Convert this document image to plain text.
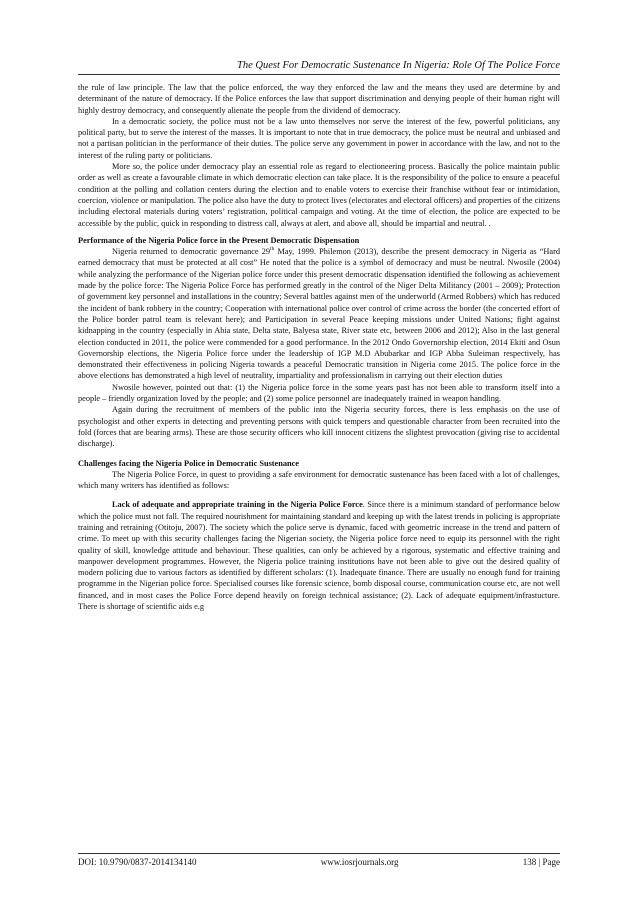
The Quest For Democratic Sustenance In Nigeria: Role Of The Police Force

the rule of law principle. The law that the police enforced, the way they enforced the law and the means they used are determine by and determinant of the nature of democracy. If the Police enforces the law that support discrimination and denying people of their human right will highly destroy democracy, and consequently alienate the people from the dividend of democracy.

In a democratic society, the police must not be a law unto themselves nor serve the interest of the few, powerful politicians, any political party, but to serve the interest of the masses. It is important to note that in true democracy, the police must be neutral and unbiased and not a partisan politician in the performance of their duties. The police serve any government in power in accordance with the law, and not to the interest of the ruling party or politicians.

More so, the police under democracy play an essential role as regard to electioneering process. Basically the police maintain public order as well as create a favourable climate in which democratic election can take place. It is the responsibility of the police to ensure a peaceful condition at the polling and collation centers during the election and to enable voters to exercise their franchise without fear or intimidation, coercion, violence or manipulation. The police also have the duty to protect lives (electorates and electoral officers) and properties of the citizens including electoral materials during voters’ registration, political campaign and voting. At the time of election, the police are expected to be accessible by the public, quick in responding to distress call, always at alert, and above all, should be impartial and neutral. .

Performance of the Nigeria Police force in the Present Democratic Dispensation

Nigeria returned to democratic governance 29th May, 1999. Philemon (2013), describe the present democracy in Nigeria as “Hard earned democracy that must be protected at all cost” He noted that the police is a symbol of democracy and must be neutral. Nwosile (2004) while analyzing the performance of the Nigerian police force under this present democratic dispensation identified the following as achievement made by the police force: The Nigeria Police Force has performed greatly in the control of the Niger Delta Militancy (2001 – 2009); Protection of government key personnel and installations in the country; Several battles against men of the underworld (Armed Robbers) which has reduced the incident of bank robbery in the country; Cooperation with international police over control of crime across the border (the concerted effort of the Police border patrol team is relevant here); and Participation in several Peace keeping missions under United Nations; fight against kidnapping in the country (especially in Abia state, Delta state, Balyesa state, River state etc, between 2006 and 2012); Also in the last general election conducted in 2011, the police were commended for a good performance. In the 2012 Ondo Governorship election, 2014 Ekiti and Osun Governorship elections, the Nigeria Police force under the leadership of IGP M.D Abubarkar and IGP Abba Suleiman respectively, has demonstrated their effectiveness in policing Nigeria towards a peaceful Democratic transition in Nigeria come 2015. The police force in the above elections has demonstrated a high level of neutrality, impartiality and professionalism in carrying out their election duties

Nwosile however, pointed out that: (1) the Nigeria police force in the some years past has not been able to transform itself into a people – friendly organization loved by the people; and (2) some police personnel are inadequately trained in weapon handling.

Again during the recruitment of members of the public into the Nigeria security forces, there is less emphasis on the use of psychologist and other experts in detecting and preventing persons with quick tempers and questionable character from been recruited into the fold (forces that are bearing arms). These are those security officers who kill innocent citizens the slightest provocation (giving rise to accidental discharge).

Challenges facing the Nigeria Police in Democratic Sustenance

The Nigeria Police Force, in quest to providing a safe environment for democratic sustenance has been faced with a lot of challenges, which many writers has identified as follows:

Lack of adequate and appropriate training in the Nigeria Police Force. Since there is a minimum standard of performance below which the police must not fall. The required nourishment for maintaining standard and keeping up with the latest trends in policing is appropriate training and retraining (Otitoju, 2007). The society which the police serve is dynamic, faced with geometric increase in the trend and pattern of crime. To meet up with this security challenges facing the Nigerian society, the Nigeria police force need to equip its personnel with the right quality of skill, knowledge attitude and behaviour. These qualities, can only be achieved by a rigorous, systematic and effective training and manpower development programmes. However, the Nigeria police training institutions have not been able to give out the desired quality of modern policing due to various factors as identified by different scholars: (1). Inadequate finance. There are usually no enough fund for training programme in the Nigerian police force. Specialised courses like forensic science, bomb disposal course, communication course etc, are not well financed, and in most cases the Police Force depend heavily on foreign technical assistance; (2). Lack of adequate equipment/infrastucture. There is shortage of scientific aids e.g

DOI: 10.9790/0837-2014134140	www.iosrjournals.org	138 | Page
